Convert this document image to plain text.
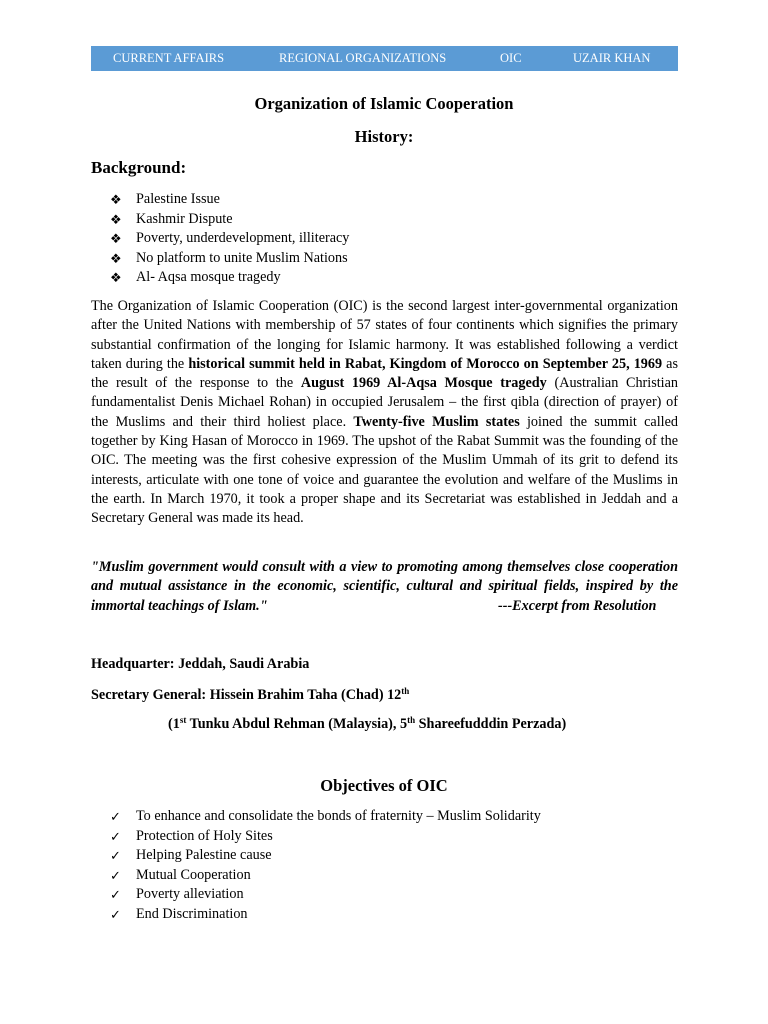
CURRENT AFFAIRS	REGIONAL ORGANIZATIONS	OIC	UZAIR KHAN
Organization of Islamic Cooperation
History:
Background:
❖	Palestine Issue
❖	Kashmir Dispute
❖	Poverty, underdevelopment, illiteracy
❖	No platform to unite Muslim Nations
❖	Al- Aqsa mosque tragedy

The Organization of Islamic Cooperation (OIC) is the second largest inter-governmental organization after the United Nations with membership of 57 states of four continents which signifies the primary substantial confirmation of the longing for Islamic harmony. It was established following a verdict taken during the historical summit held in Rabat, Kingdom of Morocco on September 25, 1969 as the result of the response to the August 1969 Al-Aqsa Mosque tragedy (Australian Christian fundamentalist Denis Michael Rohan) in occupied Jerusalem – the first qibla (direction of prayer) of the Muslims and their third holiest place. Twenty-five Muslim states joined the summit called together by King Hasan of Morocco in 1969. The upshot of the Rabat Summit was the founding of the OIC. The meeting was the first cohesive expression of the Muslim Ummah of its grit to defend its interests, articulate with one tone of voice and guarantee the evolution and welfare of the Muslims in the earth. In March 1970, it took a proper shape and its Secretariat was established in Jeddah and a Secretary General was made its head.

"Muslim government would consult with a view to promoting among themselves close cooperation and mutual assistance in the economic, scientific, cultural and spiritual fields, inspired by the immortal teachings of Islam."	---Excerpt from Resolution

Headquarter: Jeddah, Saudi Arabia
Secretary General: Hissein Brahim Taha (Chad) 12th
(1st Tunku Abdul Rehman (Malaysia), 5th Shareefudddin Perzada)
Objectives of OIC
✓	To enhance and consolidate the bonds of fraternity – Muslim Solidarity
✓	Protection of Holy Sites
✓	Helping Palestine cause
✓	Mutual Cooperation
✓	Poverty alleviation
✓	End Discrimination
